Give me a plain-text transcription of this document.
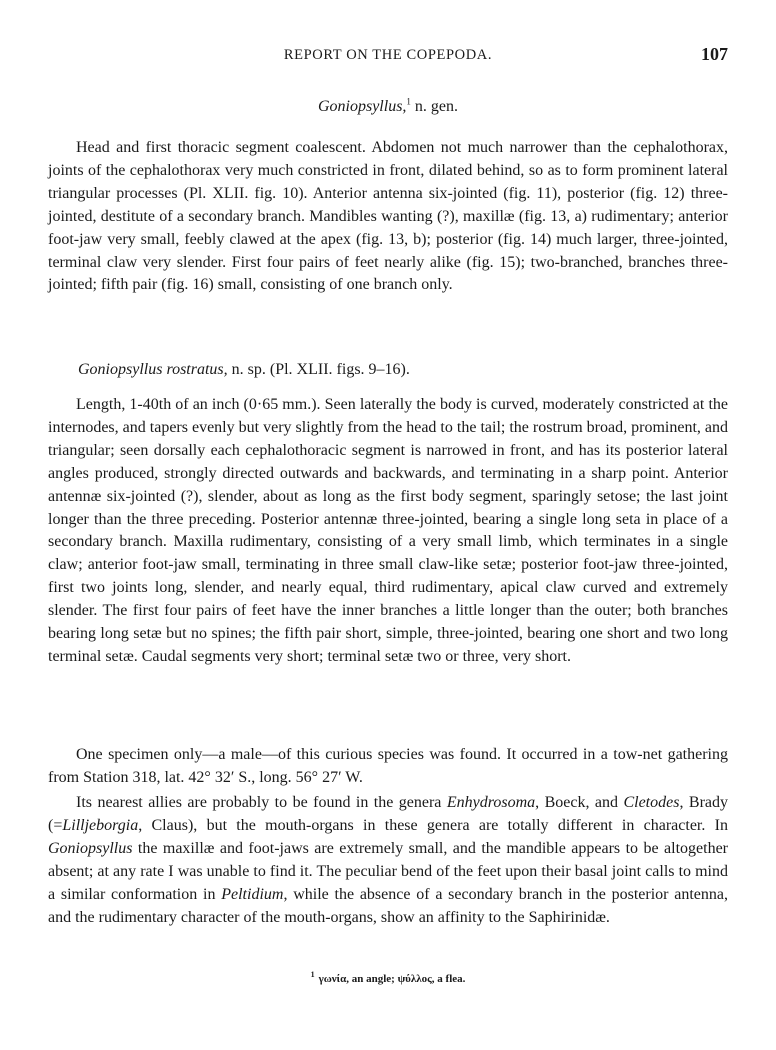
REPORT ON THE COPEPODA.	107
Goniopsyllus,$^1$ n. gen.

Head and first thoracic segment coalescent. Abdomen not much narrower than the cephalothorax, joints of the cephalothorax very much constricted in front, dilated behind, so as to form prominent lateral triangular processes (Pl. XLII. fig. 10). Anterior antenna six-jointed (fig. 11), posterior (fig. 12) three-jointed, destitute of a secondary branch. Mandibles wanting (?), maxillæ (fig. 13, a) rudimentary; anterior foot-jaw very small, feebly clawed at the apex (fig. 13, b); posterior (fig. 14) much larger, three-jointed, terminal claw very slender. First four pairs of feet nearly alike (fig. 15); two-branched, branches three-jointed; fifth pair (fig. 16) small, consisting of one branch only.

Goniopsyllus rostratus, n. sp. (Pl. XLII. figs. 9–16).

Length, 1-40th of an inch (0·65 mm.). Seen laterally the body is curved, moderately constricted at the internodes, and tapers evenly but very slightly from the head to the tail; the rostrum broad, prominent, and triangular; seen dorsally each cephalothoracic segment is narrowed in front, and has its posterior lateral angles produced, strongly directed outwards and backwards, and terminating in a sharp point. Anterior antennæ six-jointed (?), slender, about as long as the first body segment, sparingly setose; the last joint longer than the three preceding. Posterior antennæ three-jointed, bearing a single long seta in place of a secondary branch. Maxilla rudimentary, consisting of a very small limb, which terminates in a single claw; anterior foot-jaw small, terminating in three small claw-like setæ; posterior foot-jaw three-jointed, first two joints long, slender, and nearly equal, third rudimentary, apical claw curved and extremely slender. The first four pairs of feet have the inner branches a little longer than the outer; both branches bearing long setæ but no spines; the fifth pair short, simple, three-jointed, bearing one short and two long terminal setæ. Caudal segments very short; terminal setæ two or three, very short.

One specimen only—a male—of this curious species was found. It occurred in a tow-net gathering from Station 318, lat. 42° 32′ S., long. 56° 27′ W.

Its nearest allies are probably to be found in the genera Enhydrosoma, Boeck, and Cletodes, Brady (=Lilljeborgia, Claus), but the mouth-organs in these genera are totally different in character. In Goniopsyllus the maxillæ and foot-jaws are extremely small, and the mandible appears to be altogether absent; at any rate I was unable to find it. The peculiar bend of the feet upon their basal joint calls to mind a similar conformation in Peltidium, while the absence of a secondary branch in the posterior antenna, and the rudimentary character of the mouth-organs, show an affinity to the Saphirinidæ.

$^1$ γωνία, an angle; ψύλλος, a flea.
